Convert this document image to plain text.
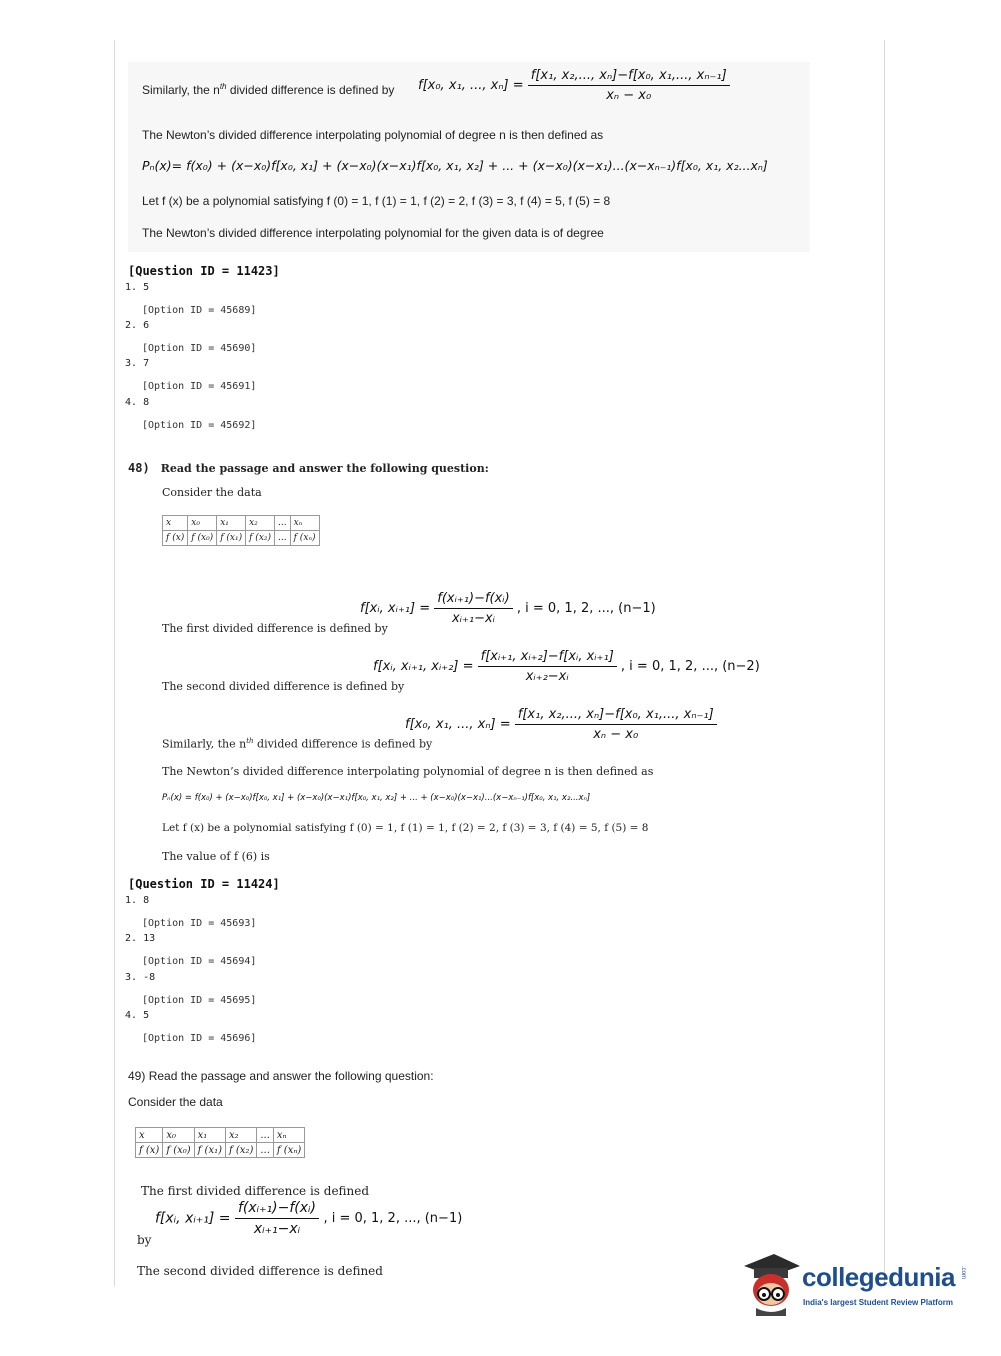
Similarly, the $n^{th}$ divided difference is defined by f[x₀, x₁, ..., $x_n] = \frac{\text{f[x₁, x₂,..., xₙ]−f[x₀, x₁,..., xₙ₋₁]}}{\text{xₙ − x₀}}$
The Newton’s divided difference interpolating polynomial of degree n is then defined as
Pₙ(x)= f(x₀) + (x−x₀)f[x₀, x₁] + (x−x₀)(x−x₁)f[x₀, x₁, x₂] + ... + (x−x₀)(x−x₁)...(x−xₙ₋₁)f[x₀, x₁, x₂...xₙ]
Let f (x) be a polynomial satisfying f (0) = 1, f (1) = 1, f (2) = 2, f (3) = 3, f (4) = 5, f (5) = 8
The Newton’s divided difference interpolating polynomial for the given data is of degree
[Question ID = 11423]
1. 5
[Option ID = 45689]
2. 6
[Option ID = 45690]
3. 7
[Option ID = 45691]
4. 8
[Option ID = 45692]
48) Read the passage and answer the following question:
Consider the data
x	x₀	x₁	x₂	...	xₙ
f (x)	f (x₀)	f (x₁)	f (x₂)	...	f (xₙ)
The first divided difference is defined by
f[xᵢ, xᵢ₊₁] = $\frac{\text{f(xᵢ₊₁)−f(xᵢ)}}{\text{xᵢ₊₁−xᵢ}}$ , i = 0, 1, 2, ..., (n−1)
The second divided difference is defined by
f[xᵢ, xᵢ₊₁, xᵢ₊₂] = $\frac{\text{f[xᵢ₊₁, xᵢ₊₂]−f[xᵢ, xᵢ₊₁]}}{\text{xᵢ₊₂−xᵢ}}$ , i = 0, 1, 2, ..., (n−2)
Similarly, the $n^{th}$ divided difference is defined by
f[x₀, x₁, ..., $x_n] = \frac{\text{f[x₁, x₂,..., xₙ]−f[x₀, x₁,..., xₙ₋₁]}}{\text{xₙ − x₀}}$
The Newton’s divided difference interpolating polynomial of degree n is then defined as
Pₙ(x) = f(x₀) + (x−x₀)f[x₀, x₁] + (x−x₀)(x−x₁)f[x₀, x₁, x₂] + ... + (x−x₀)(x−x₁)...(x−xₙ₋₁)f[x₀, x₁, x₂...xₙ]
Let f (x) be a polynomial satisfying f (0) = 1, f (1) = 1, f (2) = 2, f (3) = 3, f (4) = 5, f (5) = 8
The value of f (6) is
[Question ID = 11424]
1. 8
[Option ID = 45693]
2. 13
[Option ID = 45694]
3. -8
[Option ID = 45695]
4. 5
[Option ID = 45696]
49) Read the passage and answer the following question:
Consider the data
x	x₀	x₁	x₂	...	xₙ
f (x)	f (x₀)	f (x₁)	f (x₂)	...	f (xₙ)
The first divided difference is defined
by
f[xᵢ, xᵢ₊₁] = $\frac{\text{f(xᵢ₊₁)−f(xᵢ)}}{\text{xᵢ₊₁−xᵢ}}$ , i = 0, 1, 2, ..., (n−1)
The second divided difference is defined	collegedunia .com
India's largest Student Review Platform
